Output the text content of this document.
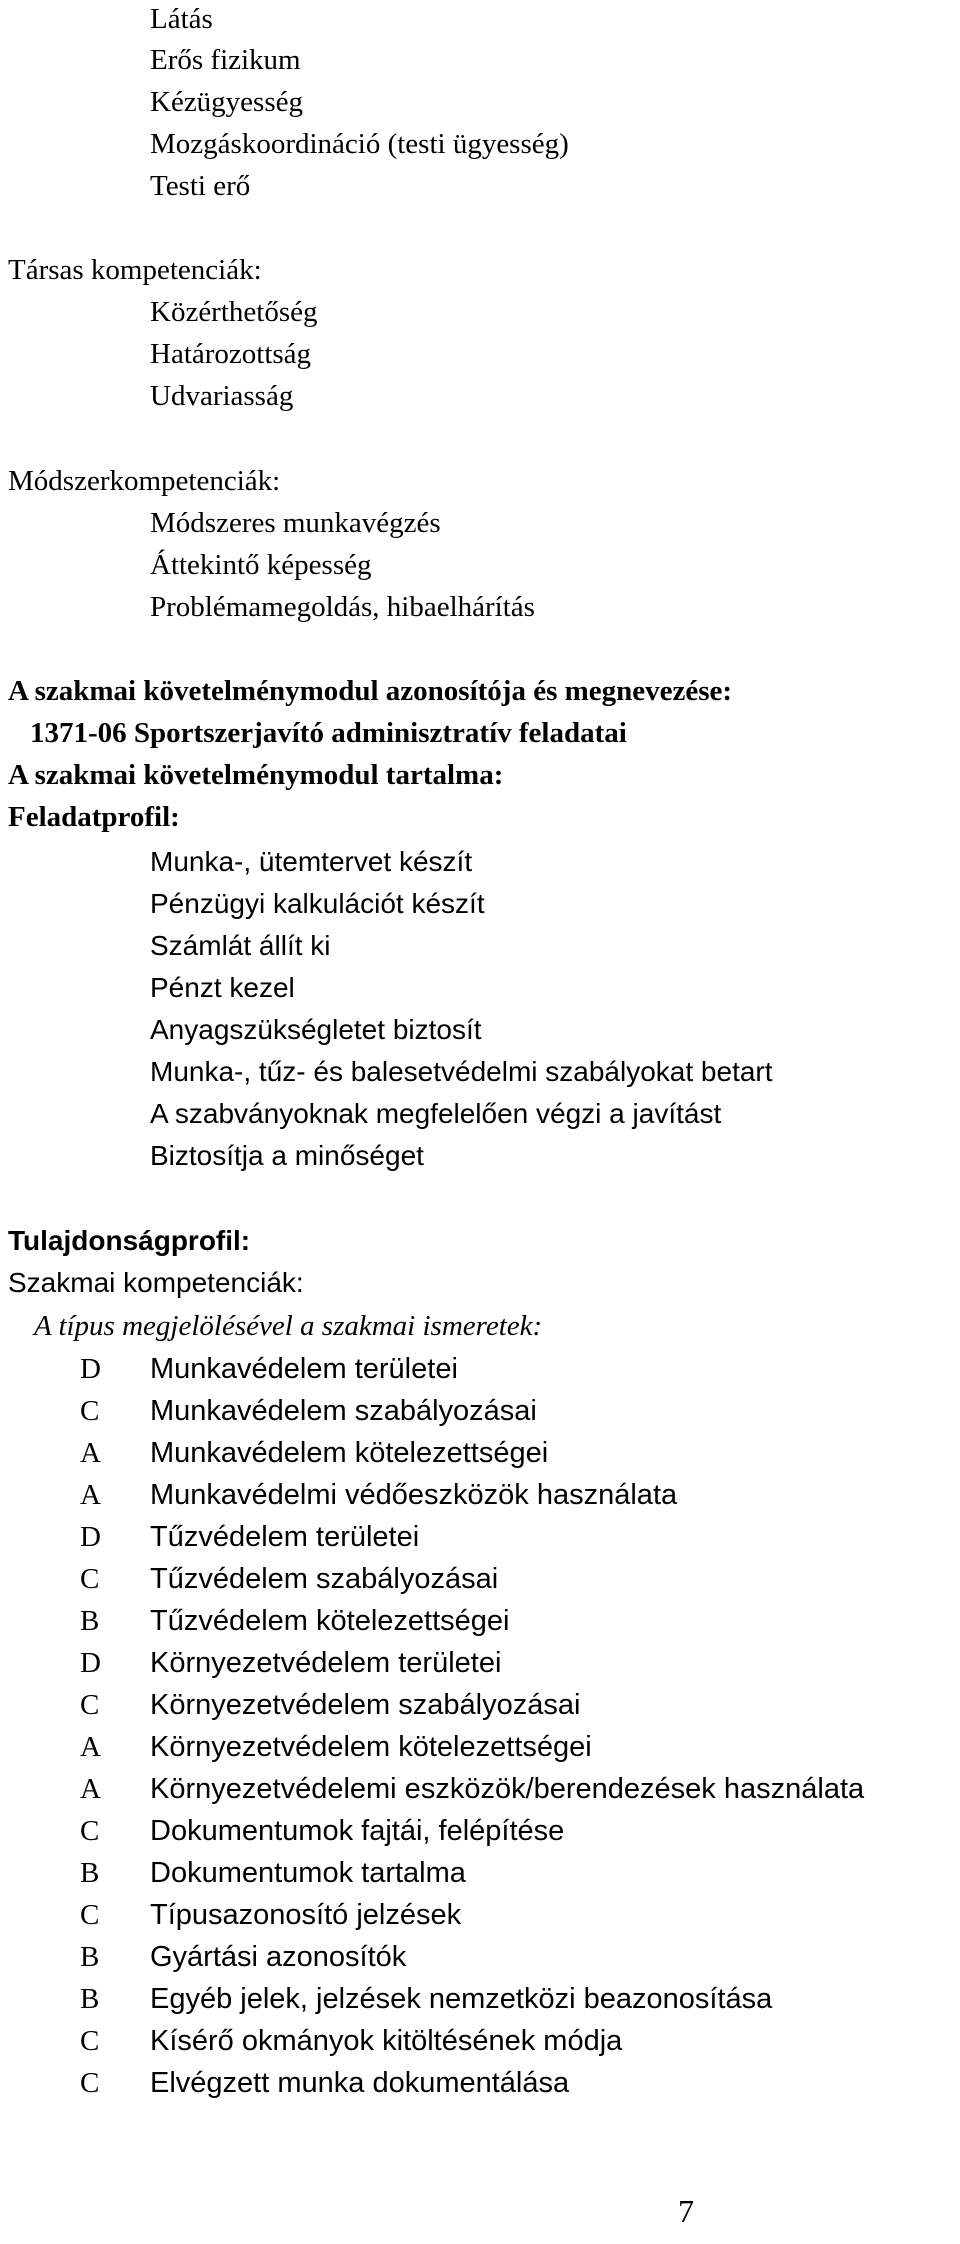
Látás
Erős fizikum
Kézügyesség
Mozgáskoordináció (testi ügyesség)
Testi erő
Társas kompetenciák:
Közérthetőség
Határozottság
Udvariasság
Módszerkompetenciák:
Módszeres munkavégzés
Áttekintő képesség
Problémamegoldás, hibaelhárítás
A szakmai követelménymodul azonosítója és megnevezése:
1371-06 Sportszerjavító adminisztratív feladatai
A szakmai követelménymodul tartalma:
Feladatprofil:
Munka-, ütemtervet készít
Pénzügyi kalkulációt készít
Számlát állít ki
Pénzt kezel
Anyagszükségletet biztosít
Munka-, tűz- és balesetvédelmi szabályokat betart
A szabványoknak megfelelően végzi a javítást
Biztosítja a minőséget
Tulajdonságprofil:
Szakmai kompetenciák:
A típus megjelölésével a szakmai ismeretek:
D Munkavédelem területei
C Munkavédelem szabályozásai
A Munkavédelem kötelezettségei
A Munkavédelmi védőeszközök használata
D Tűzvédelem területei
C Tűzvédelem szabályozásai
B Tűzvédelem kötelezettségei
D Környezetvédelem területei
C Környezetvédelem szabályozásai
A Környezetvédelem kötelezettségei
A Környezetvédelemi eszközök/berendezések használata
C Dokumentumok fajtái, felépítése
B Dokumentumok tartalma
C Típusazonosító jelzések
B Gyártási azonosítók
B Egyéb jelek, jelzések nemzetközi beazonosítása
C Kísérő okmányok kitöltésének módja
C Elvégzett munka dokumentálása
7
